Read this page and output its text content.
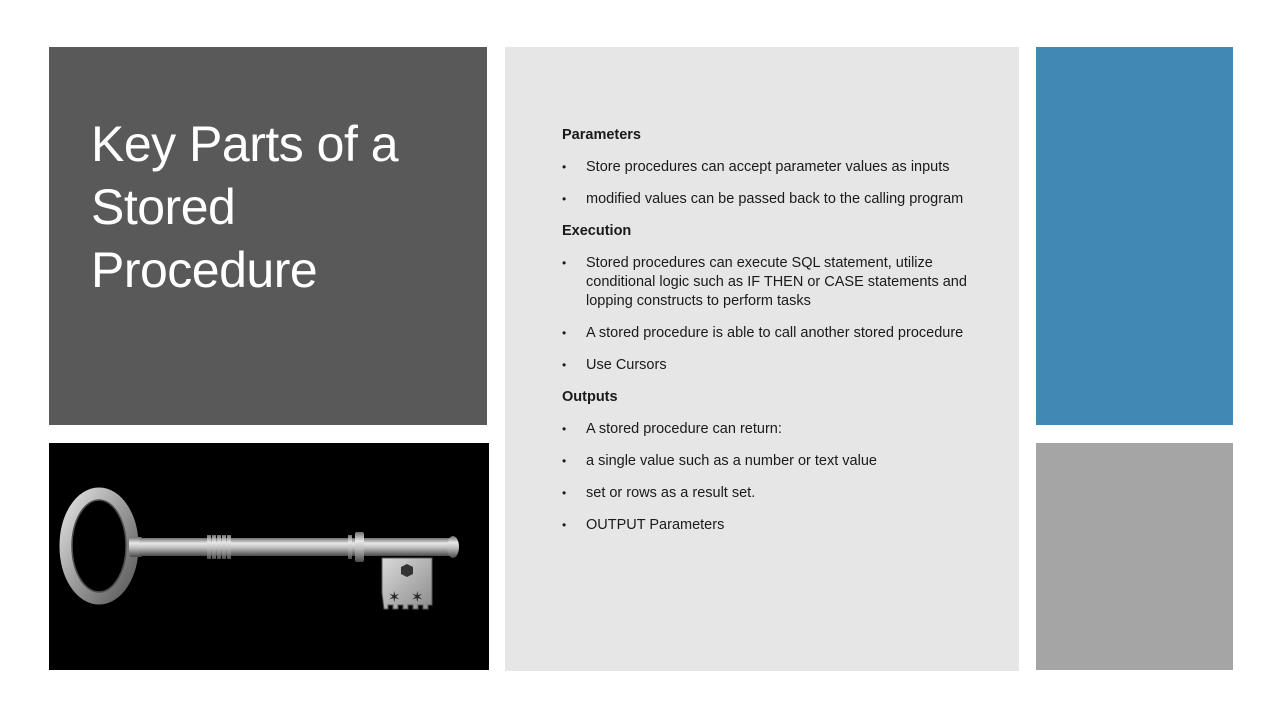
Key Parts of a Stored Procedure
✶ ✶
Parameters
• Store procedures can accept parameter values as inputs
• modified values can be passed back to the calling program
Execution
• Stored procedures can execute SQL statement, utilize conditional logic such as IF THEN or CASE statements and lopping constructs to perform tasks
• A stored procedure is able to call another stored procedure
• Use Cursors
Outputs
• A stored procedure can return:
• a single value such as a number or text value
• set or rows as a result set.
• OUTPUT Parameters
